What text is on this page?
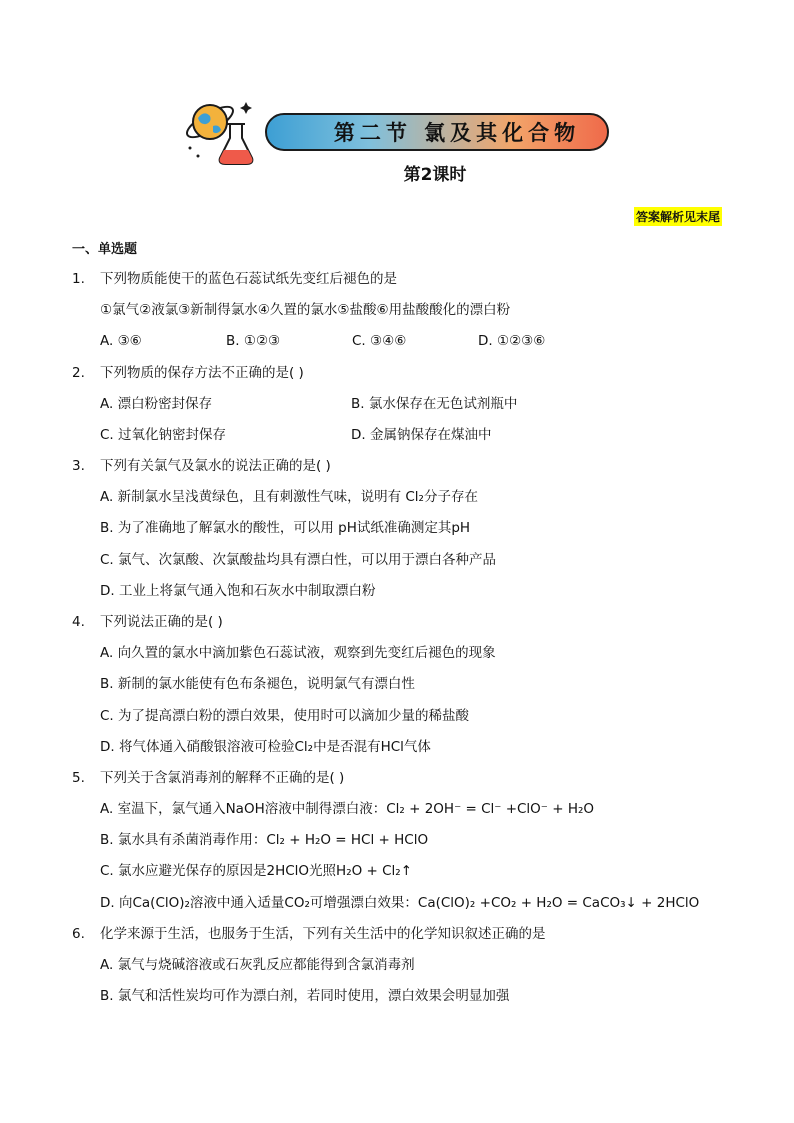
第二节 氯及其化合物
第2课时
答案解析见末尾
一、单选题
1. 下列物质能使干的蓝色石蕊试纸先变红后褪色的是
①氯气②液氯③新制得氯水④久置的氯水⑤盐酸⑥用盐酸酸化的漂白粉
A. ③⑥	B. ①②③	C. ③④⑥	D. ①②③⑥
2. 下列物质的保存方法不正确的是( )
A. 漂白粉密封保存	B. 氯水保存在无色试剂瓶中
C. 过氧化钠密封保存	D. 金属钠保存在煤油中
3. 下列有关氯气及氯水的说法正确的是( )
A. 新制氯水呈浅黄绿色，且有刺激性气味，说明有 Cl₂分子存在
B. 为了准确地了解氯水的酸性，可以用 pH试纸准确测定其pH
C. 氯气、次氯酸、次氯酸盐均具有漂白性，可以用于漂白各种产品
D. 工业上将氯气通入饱和石灰水中制取漂白粉
4. 下列说法正确的是( )
A. 向久置的氯水中滴加紫色石蕊试液，观察到先变红后褪色的现象
B. 新制的氯水能使有色布条褪色，说明氯气有漂白性
C. 为了提高漂白粉的漂白效果，使用时可以滴加少量的稀盐酸
D. 将气体通入硝酸银溶液可检验Cl₂中是否混有HCl气体
5. 下列关于含氯消毒剂的解释不正确的是( )
A. 室温下，氯气通入NaOH溶液中制得漂白液：Cl₂ + 2OH⁻ = Cl⁻ +ClO⁻ + H₂O
B. 氯水具有杀菌消毒作用：Cl₂ + H₂O = HCl + HClO
C. 氯水应避光保存的原因是2HClO光照H₂O + Cl₂↑
D. 向Ca(ClO)₂溶液中通入适量CO₂可增强漂白效果：Ca(ClO)₂ +CO₂ + H₂O = CaCO₃↓ + 2HClO
6. 化学来源于生活，也服务于生活，下列有关生活中的化学知识叙述正确的是
A. 氯气与烧碱溶液或石灰乳反应都能得到含氯消毒剂
B. 氯气和活性炭均可作为漂白剂，若同时使用，漂白效果会明显加强
